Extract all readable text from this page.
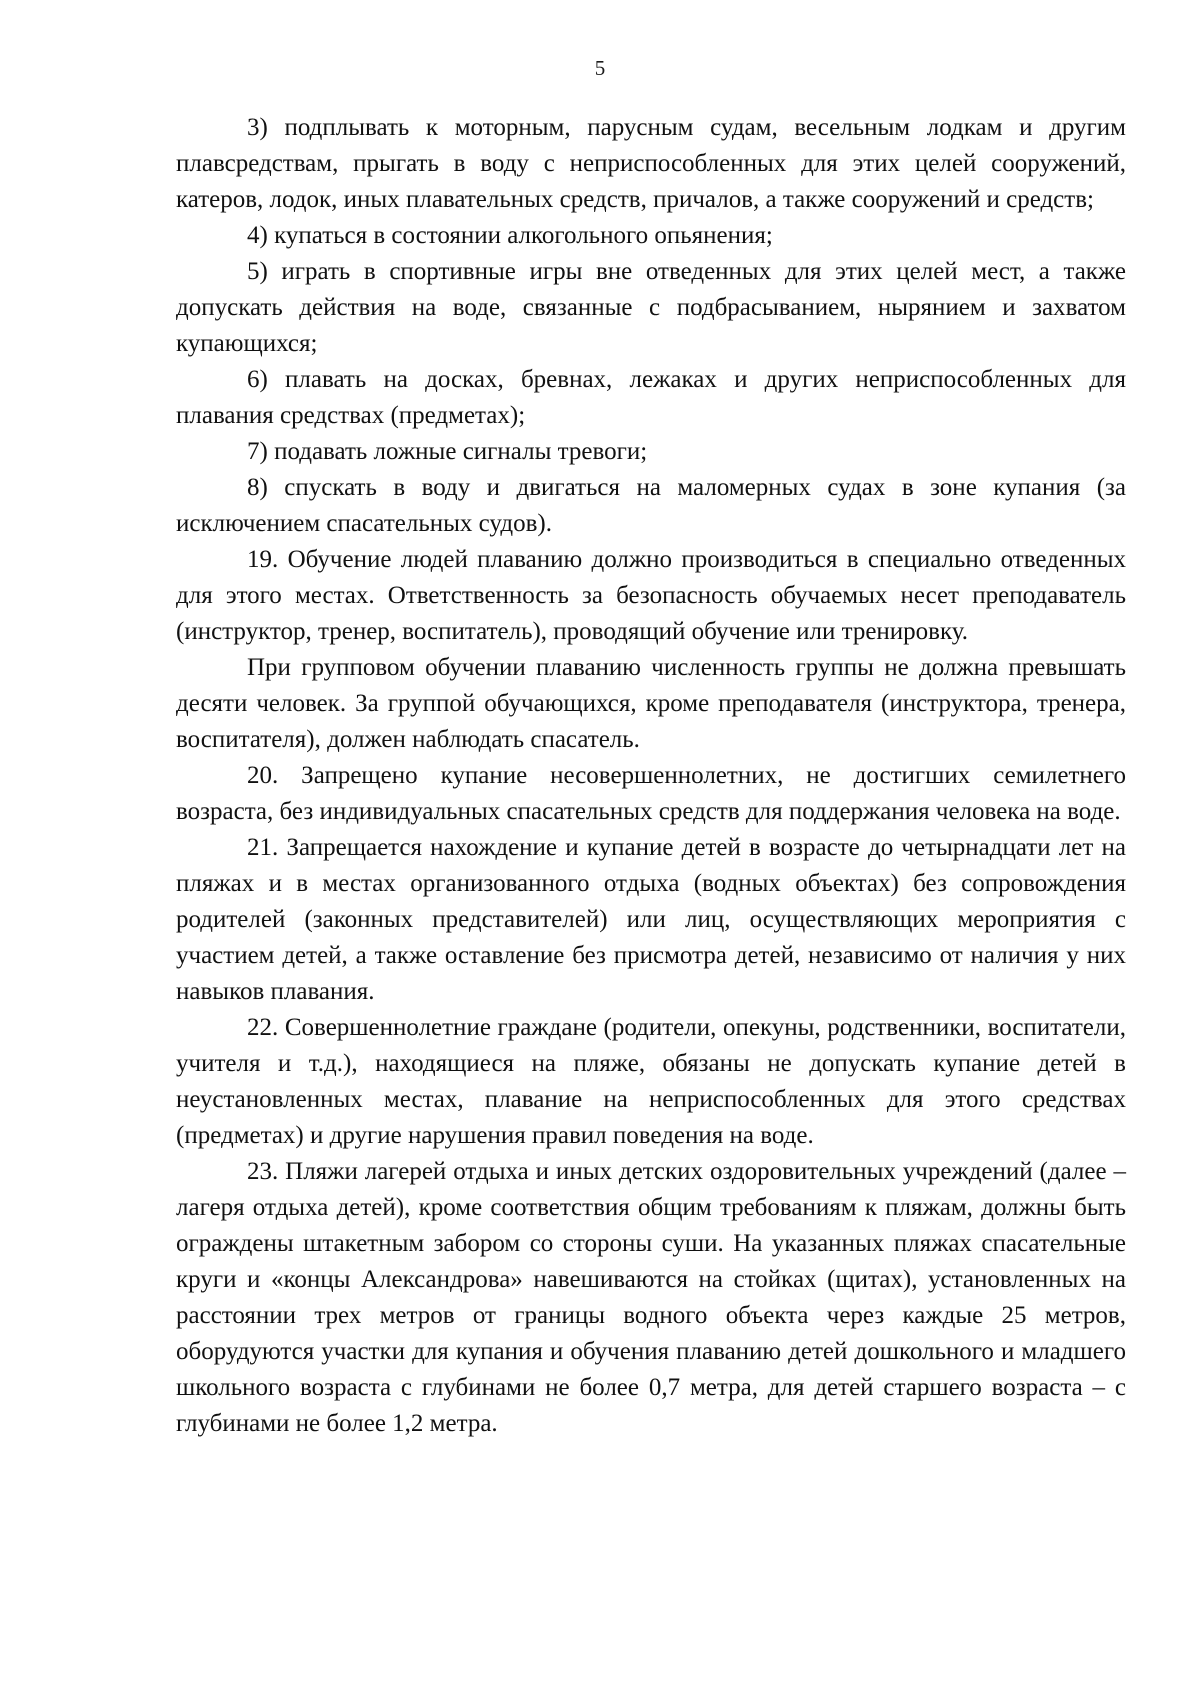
5

3) подплывать к моторным, парусным судам, весельным лодкам и другим плавсредствам, прыгать в воду с неприспособленных для этих целей сооружений, катеров, лодок, иных плавательных средств, причалов, а также сооружений и средств;

4) купаться в состоянии алкогольного опьянения;

5) играть в спортивные игры вне отведенных для этих целей мест, а также допускать действия на воде, связанные с подбрасыванием, нырянием и захватом купающихся;

6) плавать на досках, бревнах, лежаках и других неприспособленных для плавания средствах (предметах);

7) подавать ложные сигналы тревоги;

8) спускать в воду и двигаться на маломерных судах в зоне купания (за исключением спасательных судов).

19. Обучение людей плаванию должно производиться в специально отведенных для этого местах. Ответственность за безопасность обучаемых несет преподаватель (инструктор, тренер, воспитатель), проводящий обучение или тренировку.

При групповом обучении плаванию численность группы не должна превышать десяти человек. За группой обучающихся, кроме преподавателя (инструктора, тренера, воспитателя), должен наблюдать спасатель.

20. Запрещено купание несовершеннолетних, не достигших семилетнего возраста, без индивидуальных спасательных средств для поддержания человека на воде.

21. Запрещается нахождение и купание детей в возрасте до четырнадцати лет на пляжах и в местах организованного отдыха (водных объектах) без сопровождения родителей (законных представителей) или лиц, осуществляющих мероприятия с участием детей, а также оставление без присмотра детей, независимо от наличия у них навыков плавания.

22. Совершеннолетние граждане (родители, опекуны, родственники, воспитатели, учителя и т.д.), находящиеся на пляже, обязаны не допускать купание детей в неустановленных местах, плавание на неприспособленных для этого средствах (предметах) и другие нарушения правил поведения на воде.

23. Пляжи лагерей отдыха и иных детских оздоровительных учреждений (далее – лагеря отдыха детей), кроме соответствия общим требованиям к пляжам, должны быть ограждены штакетным забором со стороны суши. На указанных пляжах спасательные круги и «концы Александрова» навешиваются на стойках (щитах), установленных на расстоянии трех метров от границы водного объекта через каждые 25 метров, оборудуются участки для купания и обучения плаванию детей дошкольного и младшего школьного возраста с глубинами не более 0,7 метра, для детей старшего возраста – с глубинами не более 1,2 метра.
